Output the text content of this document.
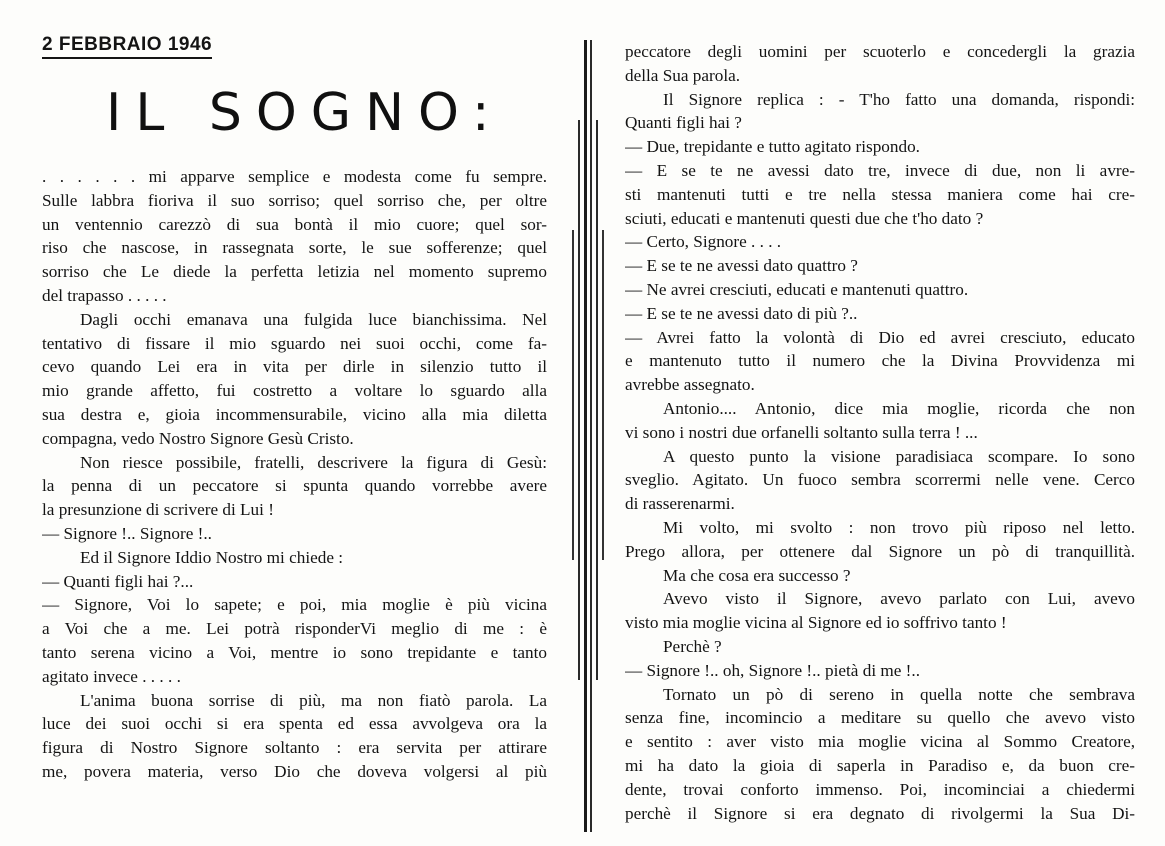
2 FEBBRAIO 1946
IL SOGNO:
. . . . . . mi apparve semplice e modesta come fu sempre.
Sulle labbra fioriva il suo sorriso; quel sorriso che, per oltre
un ventennio carezzò di sua bontà il mio cuore; quel sor-
riso che nascose, in rassegnata sorte, le sue sofferenze; quel
sorriso che Le diede la perfetta letizia nel momento supremo
del trapasso . . . . .
Dagli occhi emanava una fulgida luce bianchissima. Nel
tentativo di fissare il mio sguardo nei suoi occhi, come fa-
cevo quando Lei era in vita per dirle in silenzio tutto il
mio grande affetto, fui costretto a voltare lo sguardo alla
sua destra e, gioia incommensurabile, vicino alla mia diletta
compagna, vedo Nostro Signore Gesù Cristo.
Non riesce possibile, fratelli, descrivere la figura di Gesù:
la penna di un peccatore si spunta quando vorrebbe avere
la presunzione di scrivere di Lui !
— Signore !.. Signore !..
Ed il Signore Iddio Nostro mi chiede :
— Quanti figli hai ?...
— Signore, Voi lo sapete; e poi, mia moglie è più vicina
a Voi che a me. Lei potrà risponderVi meglio di me : è
tanto serena vicino a Voi, mentre io sono trepidante e tanto
agitato invece . . . . .
L'anima buona sorrise di più, ma non fiatò parola. La
luce dei suoi occhi si era spenta ed essa avvolgeva ora la
figura di Nostro Signore soltanto : era servita per attirare
me, povera materia, verso Dio che doveva volgersi al più
peccatore degli uomini per scuoterlo e concedergli la grazia
della Sua parola.
Il Signore replica : - T'ho fatto una domanda, rispondi:
Quanti figli hai ?
— Due, trepidante e tutto agitato rispondo.
— E se te ne avessi dato tre, invece di due, non li avre-
sti mantenuti tutti e tre nella stessa maniera come hai cre-
sciuti, educati e mantenuti questi due che t'ho dato ?
— Certo, Signore . . . .
— E se te ne avessi dato quattro ?
— Ne avrei cresciuti, educati e mantenuti quattro.
— E se te ne avessi dato di più ?..
— Avrei fatto la volontà di Dio ed avrei cresciuto, educato
e mantenuto tutto il numero che la Divina Provvidenza mi
avrebbe assegnato.
Antonio.... Antonio, dice mia moglie, ricorda che non
vi sono i nostri due orfanelli soltanto sulla terra ! ...
A questo punto la visione paradisiaca scompare. Io sono
sveglio. Agitato. Un fuoco sembra scorrermi nelle vene. Cerco
di rasserenarmi.
Mi volto, mi svolto : non trovo più riposo nel letto.
Prego allora, per ottenere dal Signore un pò di tranquillità.
Ma che cosa era successo ?
Avevo visto il Signore, avevo parlato con Lui, avevo
visto mia moglie vicina al Signore ed io soffrivo tanto !
Perchè ?
— Signore !.. oh, Signore !.. pietà di me !..
Tornato un pò di sereno in quella notte che sembrava
senza fine, incomincio a meditare su quello che avevo visto
e sentito : aver visto mia moglie vicina al Sommo Creatore,
mi ha dato la gioia di saperla in Paradiso e, da buon cre-
dente, trovai conforto immenso. Poi, incominciai a chiedermi
perchè il Signore si era degnato di rivolgermi la Sua Di-
